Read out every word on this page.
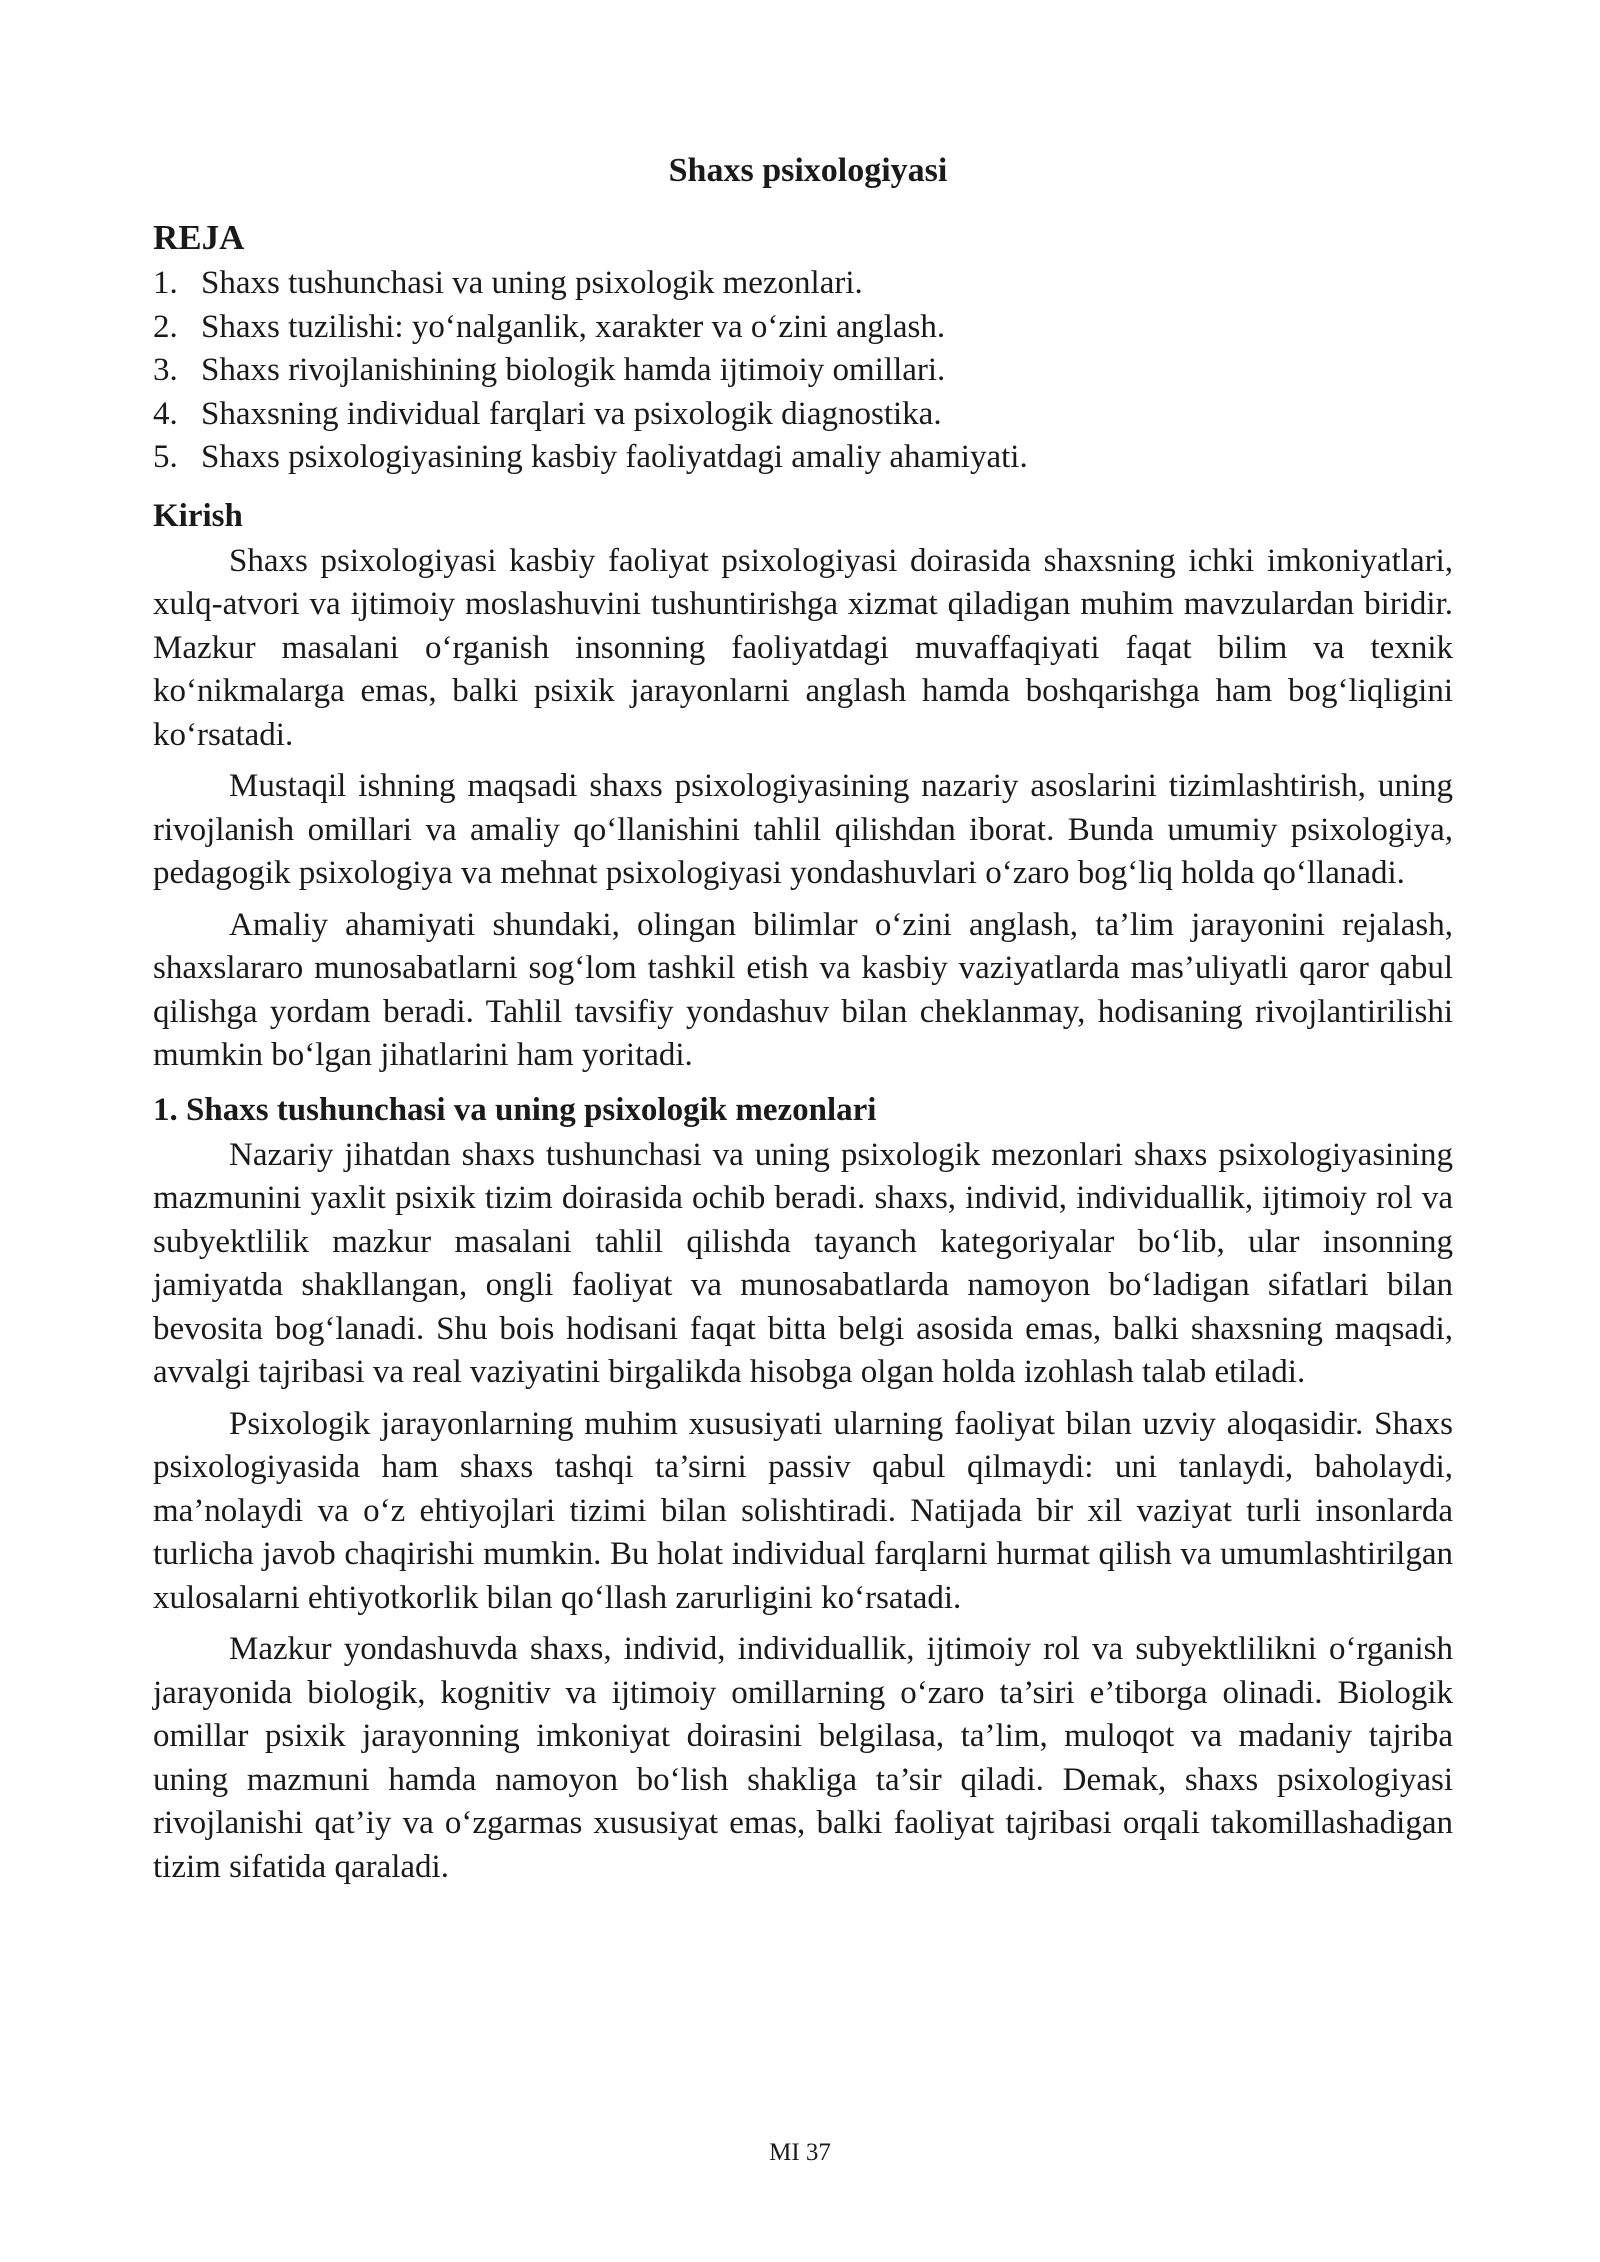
Shaxs psixologiyasi
REJA
1. Shaxs tushunchasi va uning psixologik mezonlari.
2. Shaxs tuzilishi: yo‘nalganlik, xarakter va o‘zini anglash.
3. Shaxs rivojlanishining biologik hamda ijtimoiy omillari.
4. Shaxsning individual farqlari va psixologik diagnostika.
5. Shaxs psixologiyasining kasbiy faoliyatdagi amaliy ahamiyati.
Kirish

Shaxs psixologiyasi kasbiy faoliyat psixologiyasi doirasida shaxsning ichki imkoniyatlari, xulq-atvori va ijtimoiy moslashuvini tushuntirishga xizmat qiladigan muhim mavzulardan biridir. Mazkur masalani o‘rganish insonning faoliyatdagi muvaffaqiyati faqat bilim va texnik ko‘nikmalarga emas, balki psixik jarayonlarni anglash hamda boshqarishga ham bog‘liqligini ko‘rsatadi.

Mustaqil ishning maqsadi shaxs psixologiyasining nazariy asoslarini tizimlashtirish, uning rivojlanish omillari va amaliy qo‘llanishini tahlil qilishdan iborat. Bunda umumiy psixologiya, pedagogik psixologiya va mehnat psixologiyasi yondashuvlari o‘zaro bog‘liq holda qo‘llanadi.

Amaliy ahamiyati shundaki, olingan bilimlar o‘zini anglash, ta’lim jarayonini rejalash, shaxslararo munosabatlarni sog‘lom tashkil etish va kasbiy vaziyatlarda mas’uliyatli qaror qabul qilishga yordam beradi. Tahlil tavsifiy yondashuv bilan cheklanmay, hodisaning rivojlantirilishi mumkin bo‘lgan jihatlarini ham yoritadi.

1. Shaxs tushunchasi va uning psixologik mezonlari

Nazariy jihatdan shaxs tushunchasi va uning psixologik mezonlari shaxs psixologiyasining mazmunini yaxlit psixik tizim doirasida ochib beradi. shaxs, individ, individuallik, ijtimoiy rol va subyektlilik mazkur masalani tahlil qilishda tayanch kategoriyalar bo‘lib, ular insonning jamiyatda shakllangan, ongli faoliyat va munosabatlarda namoyon bo‘ladigan sifatlari bilan bevosita bog‘lanadi. Shu bois hodisani faqat bitta belgi asosida emas, balki shaxsning maqsadi, avvalgi tajribasi va real vaziyatini birgalikda hisobga olgan holda izohlash talab etiladi.

Psixologik jarayonlarning muhim xususiyati ularning faoliyat bilan uzviy aloqasidir. Shaxs psixologiyasida ham shaxs tashqi ta’sirni passiv qabul qilmaydi: uni tanlaydi, baholaydi, ma’nolaydi va o‘z ehtiyojlari tizimi bilan solishtiradi. Natijada bir xil vaziyat turli insonlarda turlicha javob chaqirishi mumkin. Bu holat individual farqlarni hurmat qilish va umumlashtirilgan xulosalarni ehtiyotkorlik bilan qo‘llash zarurligini ko‘rsatadi.

Mazkur yondashuvda shaxs, individ, individuallik, ijtimoiy rol va subyektlilikni o‘rganish jarayonida biologik, kognitiv va ijtimoiy omillarning o‘zaro ta’siri e’tiborga olinadi. Biologik omillar psixik jarayonning imkoniyat doirasini belgilasa, ta’lim, muloqot va madaniy tajriba uning mazmuni hamda namoyon bo‘lish shakliga ta’sir qiladi. Demak, shaxs psixologiyasi rivojlanishi qat’iy va o‘zgarmas xususiyat emas, balki faoliyat tajribasi orqali takomillashadigan tizim sifatida qaraladi.

MI 37
